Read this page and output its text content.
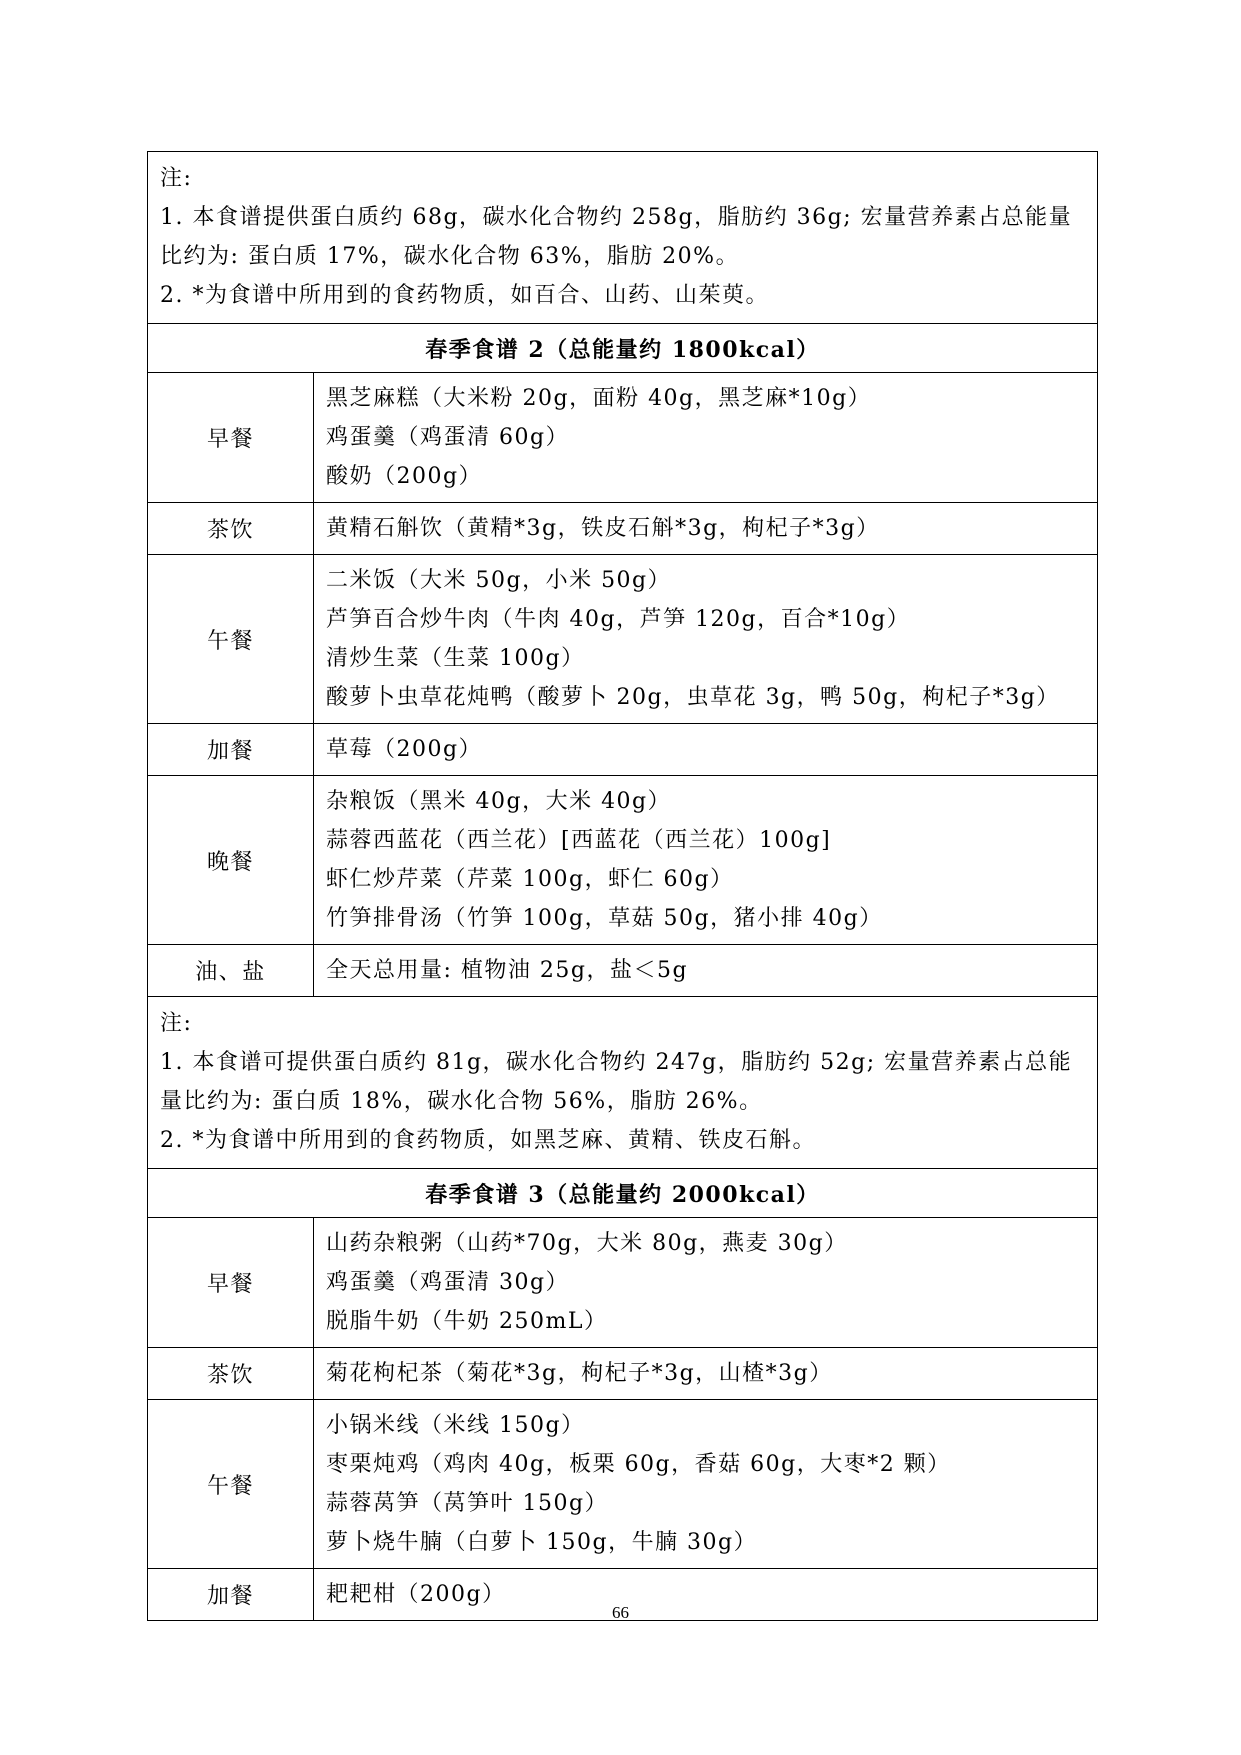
注:
1. 本食谱提供蛋白质约 68g，碳水化合物约 258g，脂肪约 36g; 宏量营养素占总能量
比约为: 蛋白质 17%，碳水化合物 63%，脂肪 20%。
2. *为食谱中所用到的食药物质，如百合、山药、山茱萸。	

春季食谱 2（总能量约 1800kcal）	
早餐	黑芝麻糕（大米粉 20g，面粉 40g，黑芝麻*10g）
鸡蛋羹（鸡蛋清 60g）
酸奶（200g）

茶饮	黄精石斛饮（黄精*3g，铁皮石斛*3g，枸杞子*3g）

午餐	二米饭（大米 50g，小米 50g）
芦笋百合炒牛肉（牛肉 40g，芦笋 120g，百合*10g）
清炒生菜（生菜 100g）
酸萝卜虫草花炖鸭（酸萝卜 20g，虫草花 3g，鸭 50g，枸杞子*3g）

加餐	草莓（200g）

晚餐	杂粮饭（黑米 40g，大米 40g）
蒜蓉西蓝花（西兰花）[西蓝花（西兰花）100g]
虾仁炒芹菜（芹菜 100g，虾仁 60g）
竹笋排骨汤（竹笋 100g，草菇 50g，猪小排 40g）

油、盐	全天总用量: 植物油 25g，盐＜5g

注:
1. 本食谱可提供蛋白质约 81g，碳水化合物约 247g，脂肪约 52g; 宏量营养素占总能
量比约为: 蛋白质 18%，碳水化合物 56%，脂肪 26%。
2. *为食谱中所用到的食药物质，如黑芝麻、黄精、铁皮石斛。	

春季食谱 3（总能量约 2000kcal）	
早餐	山药杂粮粥（山药*70g，大米 80g，燕麦 30g）
鸡蛋羹（鸡蛋清 30g）
脱脂牛奶（牛奶 250mL）

茶饮	菊花枸杞茶（菊花*3g，枸杞子*3g，山楂*3g）

午餐	小锅米线（米线 150g）
枣栗炖鸡（鸡肉 40g，板栗 60g，香菇 60g，大枣*2 颗）
蒜蓉莴笋（莴笋叶 150g）
萝卜烧牛腩（白萝卜 150g，牛腩 30g）

加餐	耙耙柑（200g）
66
